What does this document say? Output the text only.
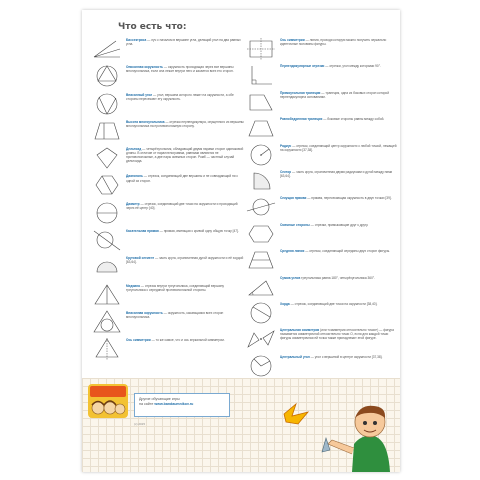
Что есть что:
Биссектриса — луч с началом в вершине угла, делящий угол на два равных угла.
Описанная окружность — окружность проходящая через все вершины многоугольника, если она лежит внутри него и касается всех его сторон.
Вписанный угол — угол, вершина которого лежит на окружности, а обе стороны пересекают эту окружность.
Высота многоугольника — отрезок перпендикуляра, опущенного из вершины многоугольника на противоположную сторону.
Дельтоид — четырёхугольник, обладающий двумя парами сторон одинаковой длины. В отличие от параллелограмма, равными являются не противоположные, а две пары смежных сторон. Ромб — частный случай дельтоида.
Диагональ — отрезок, соединяющий две вершины и не совпадающий ни с одной из сторон.
Диаметр — отрезок, соединяющий две точки на окружности и проходящий через её центр [40].
Касательная прямая — прямая, имеющая с кривой одну общую точку [47].
Круговой сегмент — часть круга, ограниченная дугой окружности и её хордой [63,64].
Медиана — отрезок внутри треугольника, соединяющий вершину треугольника с серединой противоположной стороны.
Вписанная окружность — окружность, касающаяся всех сторон многоугольника.
Ось симметрии — то же самое, что и ось зеркальной симметрии.
Ось симметрии — линия, проходя которую можно получить зеркально идентичные половины фигуры.
Перпендикулярные отрезки — отрезки, угол между которыми 90°.
Прямоугольная трапеция — трапеция, одна из боковых сторон которой перпендикулярна основаниям.
Равнобедренная трапеция — боковые стороны равны между собой.
Радиус — отрезок, соединяющий центр окружности с любой точкой, лежащей на окружности [37,38].
Сектор — часть круга, ограниченная двумя радиусами и дугой между ними [63,64].
Секущая прямая — прямая, пересекающая окружность в двух точках [39].
Смежные стороны — отрезки, примыкающие друг к другу.
Средняя линия — отрезок, соединяющий середины двух сторон фигуры.
Сумма углов треугольника равна 180°, четырёхугольника 360°.
Хорда — отрезок, соединяющий две точки на окружности [38,40].
Центральная симметрия (или «симметрия относительно точки») — фигура называется симметричной относительно точки O, если для каждой точки фигуры симметричная ей точка также принадлежит этой фигуре.
Центральный угол — угол с вершиной в центре окружности [37,38].
Другие обучающие игры
на сайте www.bandaumnikov.ru
(c) 2015
